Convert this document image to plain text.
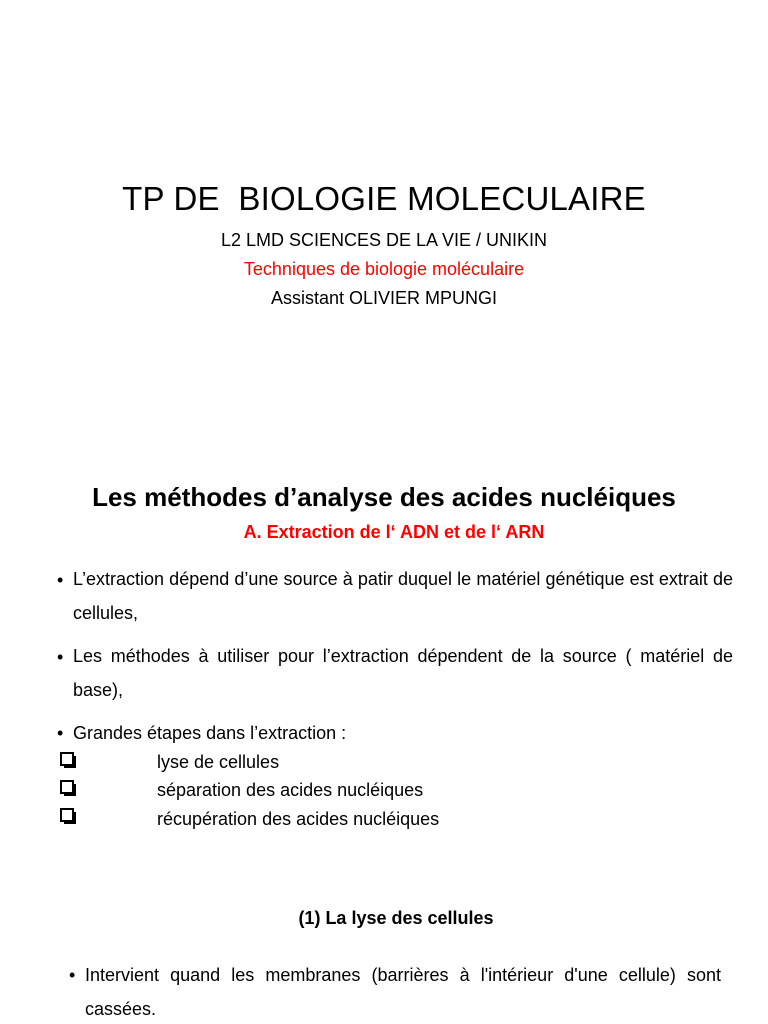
TP DE  BIOLOGIE MOLECULAIRE
L2 LMD SCIENCES DE LA VIE / UNIKIN
Techniques de biologie moléculaire
Assistant OLIVIER MPUNGI
Les méthodes d’analyse des acides nucléiques
A. Extraction de l‘ ADN et de l‘ ARN
• L’extraction dépend d’une source à patir duquel le matériel génétique est extrait de cellules,
• Les méthodes à utiliser pour l’extraction dépendent de la source ( matériel de base),
• Grandes étapes dans l’extraction :
lyse de cellules
séparation des acides nucléiques
récupération des acides nucléiques
(1) La lyse des cellules
• Intervient quand les membranes (barrières à l'intérieur d'une cellule) sont cassées.
